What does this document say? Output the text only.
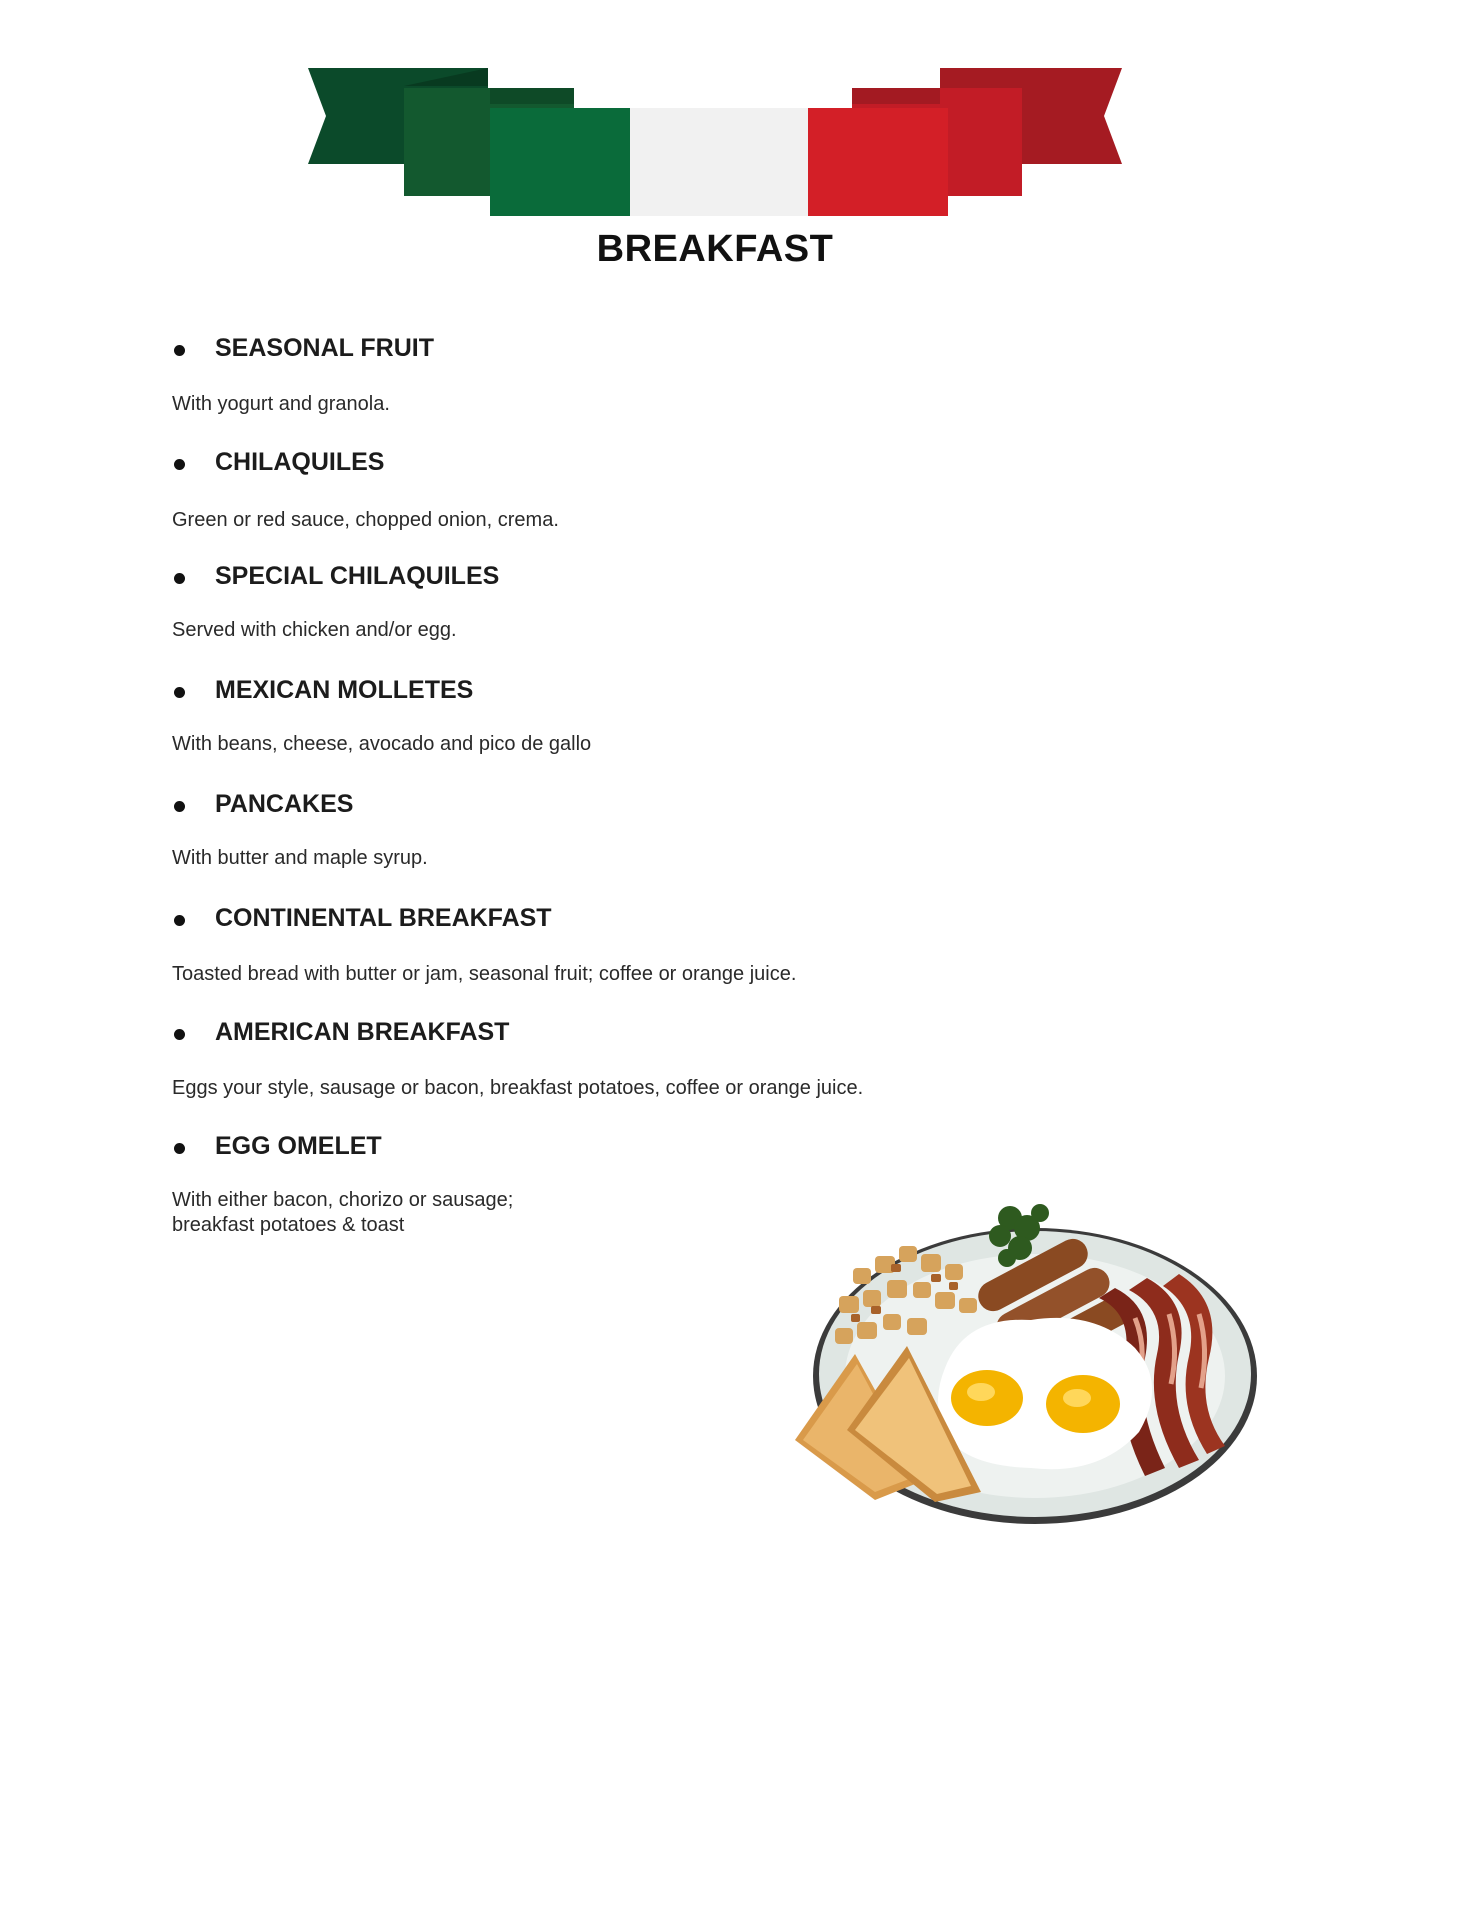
BREAKFAST
SEASONAL FRUIT
With yogurt and granola.
CHILAQUILES
Green or red sauce, chopped onion, crema.
SPECIAL CHILAQUILES
Served with chicken and/or egg.
MEXICAN MOLLETES
With beans, cheese, avocado and pico de gallo
PANCAKES
With butter and maple syrup.
CONTINENTAL BREAKFAST
Toasted bread with butter or jam, seasonal fruit; coffee or orange juice.
AMERICAN BREAKFAST
Eggs your style, sausage or bacon, breakfast potatoes, coffee or orange juice.
EGG OMELET
With either bacon, chorizo or sausage;
breakfast potatoes & toast
